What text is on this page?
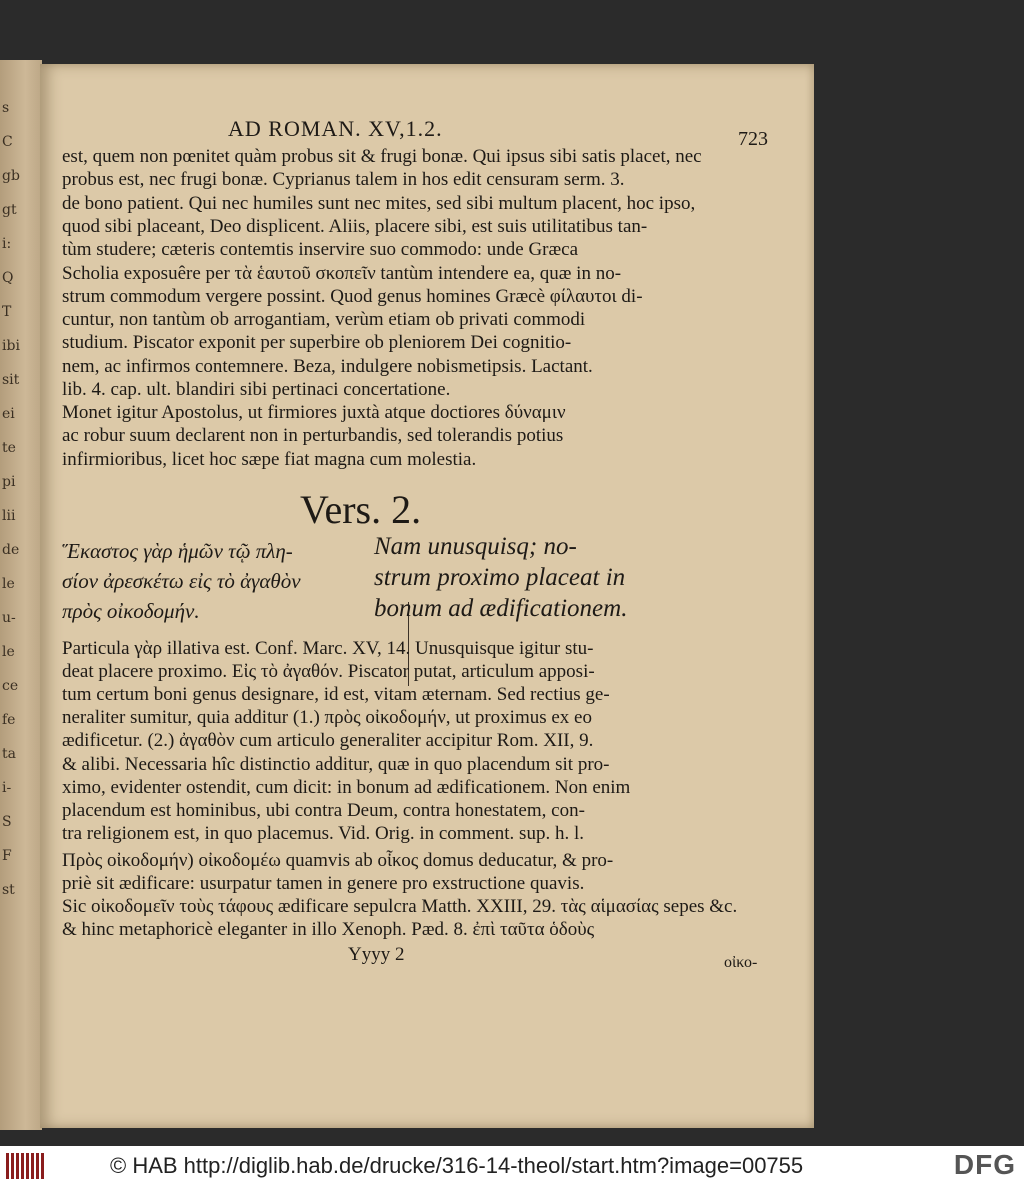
s
C
gb
gt
i:
Q
T
ibi
sit
ei
te
pi
lii
de
le
u-
le
ce
fe
ta
i-
S
F
st
AD ROMAN. XV,1.2.	723
est, quem non pœnitet quàm probus sit & frugi bonæ. Qui ipsus sibi satis placet, nec
probus est, nec frugi bonæ. Cyprianus talem in hos edit censuram serm. 3.
de bono patient. Qui nec humiles sunt nec mites, sed sibi multum placent, hoc ipso,
quod sibi placeant, Deo displicent. Aliis, placere sibi, est suis utilitatibus tan-
tùm studere; cæteris contemtis inservire suo commodo: unde Græca
Scholia exposuêre per τὰ ἑαυτοῦ σκοπεῖν tantùm intendere ea, quæ in no-
strum commodum vergere possint. Quod genus homines Græcè φίλαυτοι di-
cuntur, non tantùm ob arrogantiam, verùm etiam ob privati commodi
studium. Piscator exponit per superbire ob pleniorem Dei cognitio-
nem, ac infirmos contemnere. Beza, indulgere nobismetipsis. Lactant.
lib. 4. cap. ult. blandiri sibi pertinaci concertatione.
Monet igitur Apostolus, ut firmiores juxtà atque doctiores δύναμιν
ac robur suum declarent non in perturbandis, sed tolerandis potius
infirmioribus, licet hoc sæpe fiat magna cum molestia.
Vers. 2.
Ἕκαστος γὰρ ἡμῶν τῷ πλη-
σίον ἀρεσκέτω εἰς τὸ ἀγαθὸν
πρὸς οἰκοδομήν.
Nam unusquisq; no-
strum proximo placeat in
bonum ad ædificationem.
Particula γὰρ illativa est. Conf. Marc. XV, 14. Unusquisque igitur stu-
deat placere proximo. Εἰς τὸ ἀγαθόν. Piscator putat, articulum apposi-
tum certum boni genus designare, id est, vitam æternam. Sed rectius ge-
neraliter sumitur, quia additur (1.) πρὸς οἰκοδομήν, ut proximus ex eo
ædificetur. (2.) ἀγαθὸν cum articulo generaliter accipitur Rom. XII, 9.
& alibi. Necessaria hîc distinctio additur, quæ in quo placendum sit pro-
ximo, evidenter ostendit, cum dicit: in bonum ad ædificationem. Non enim
placendum est hominibus, ubi contra Deum, contra honestatem, con-
tra religionem est, in quo placemus. Vid. Orig. in comment. sup. h. l.
Πρὸς οἰκοδομήν) οἰκοδομέω quamvis ab οἶκος domus deducatur, & pro-
priè sit ædificare: usurpatur tamen in genere pro exstructione quavis.
Sic οἰκοδομεῖν τοὺς τάφους ædificare sepulcra Matth. XXIII, 29. τὰς αἱμασίας sepes &c.
& hinc metaphoricè eleganter in illo Xenoph. Pæd. 8. ἐπὶ ταῦτα ὁδοὺς
Yyyy 2	οἰκο-
© HAB http://diglib.hab.de/drucke/316-14-theol/start.htm?image=00755	DFG
